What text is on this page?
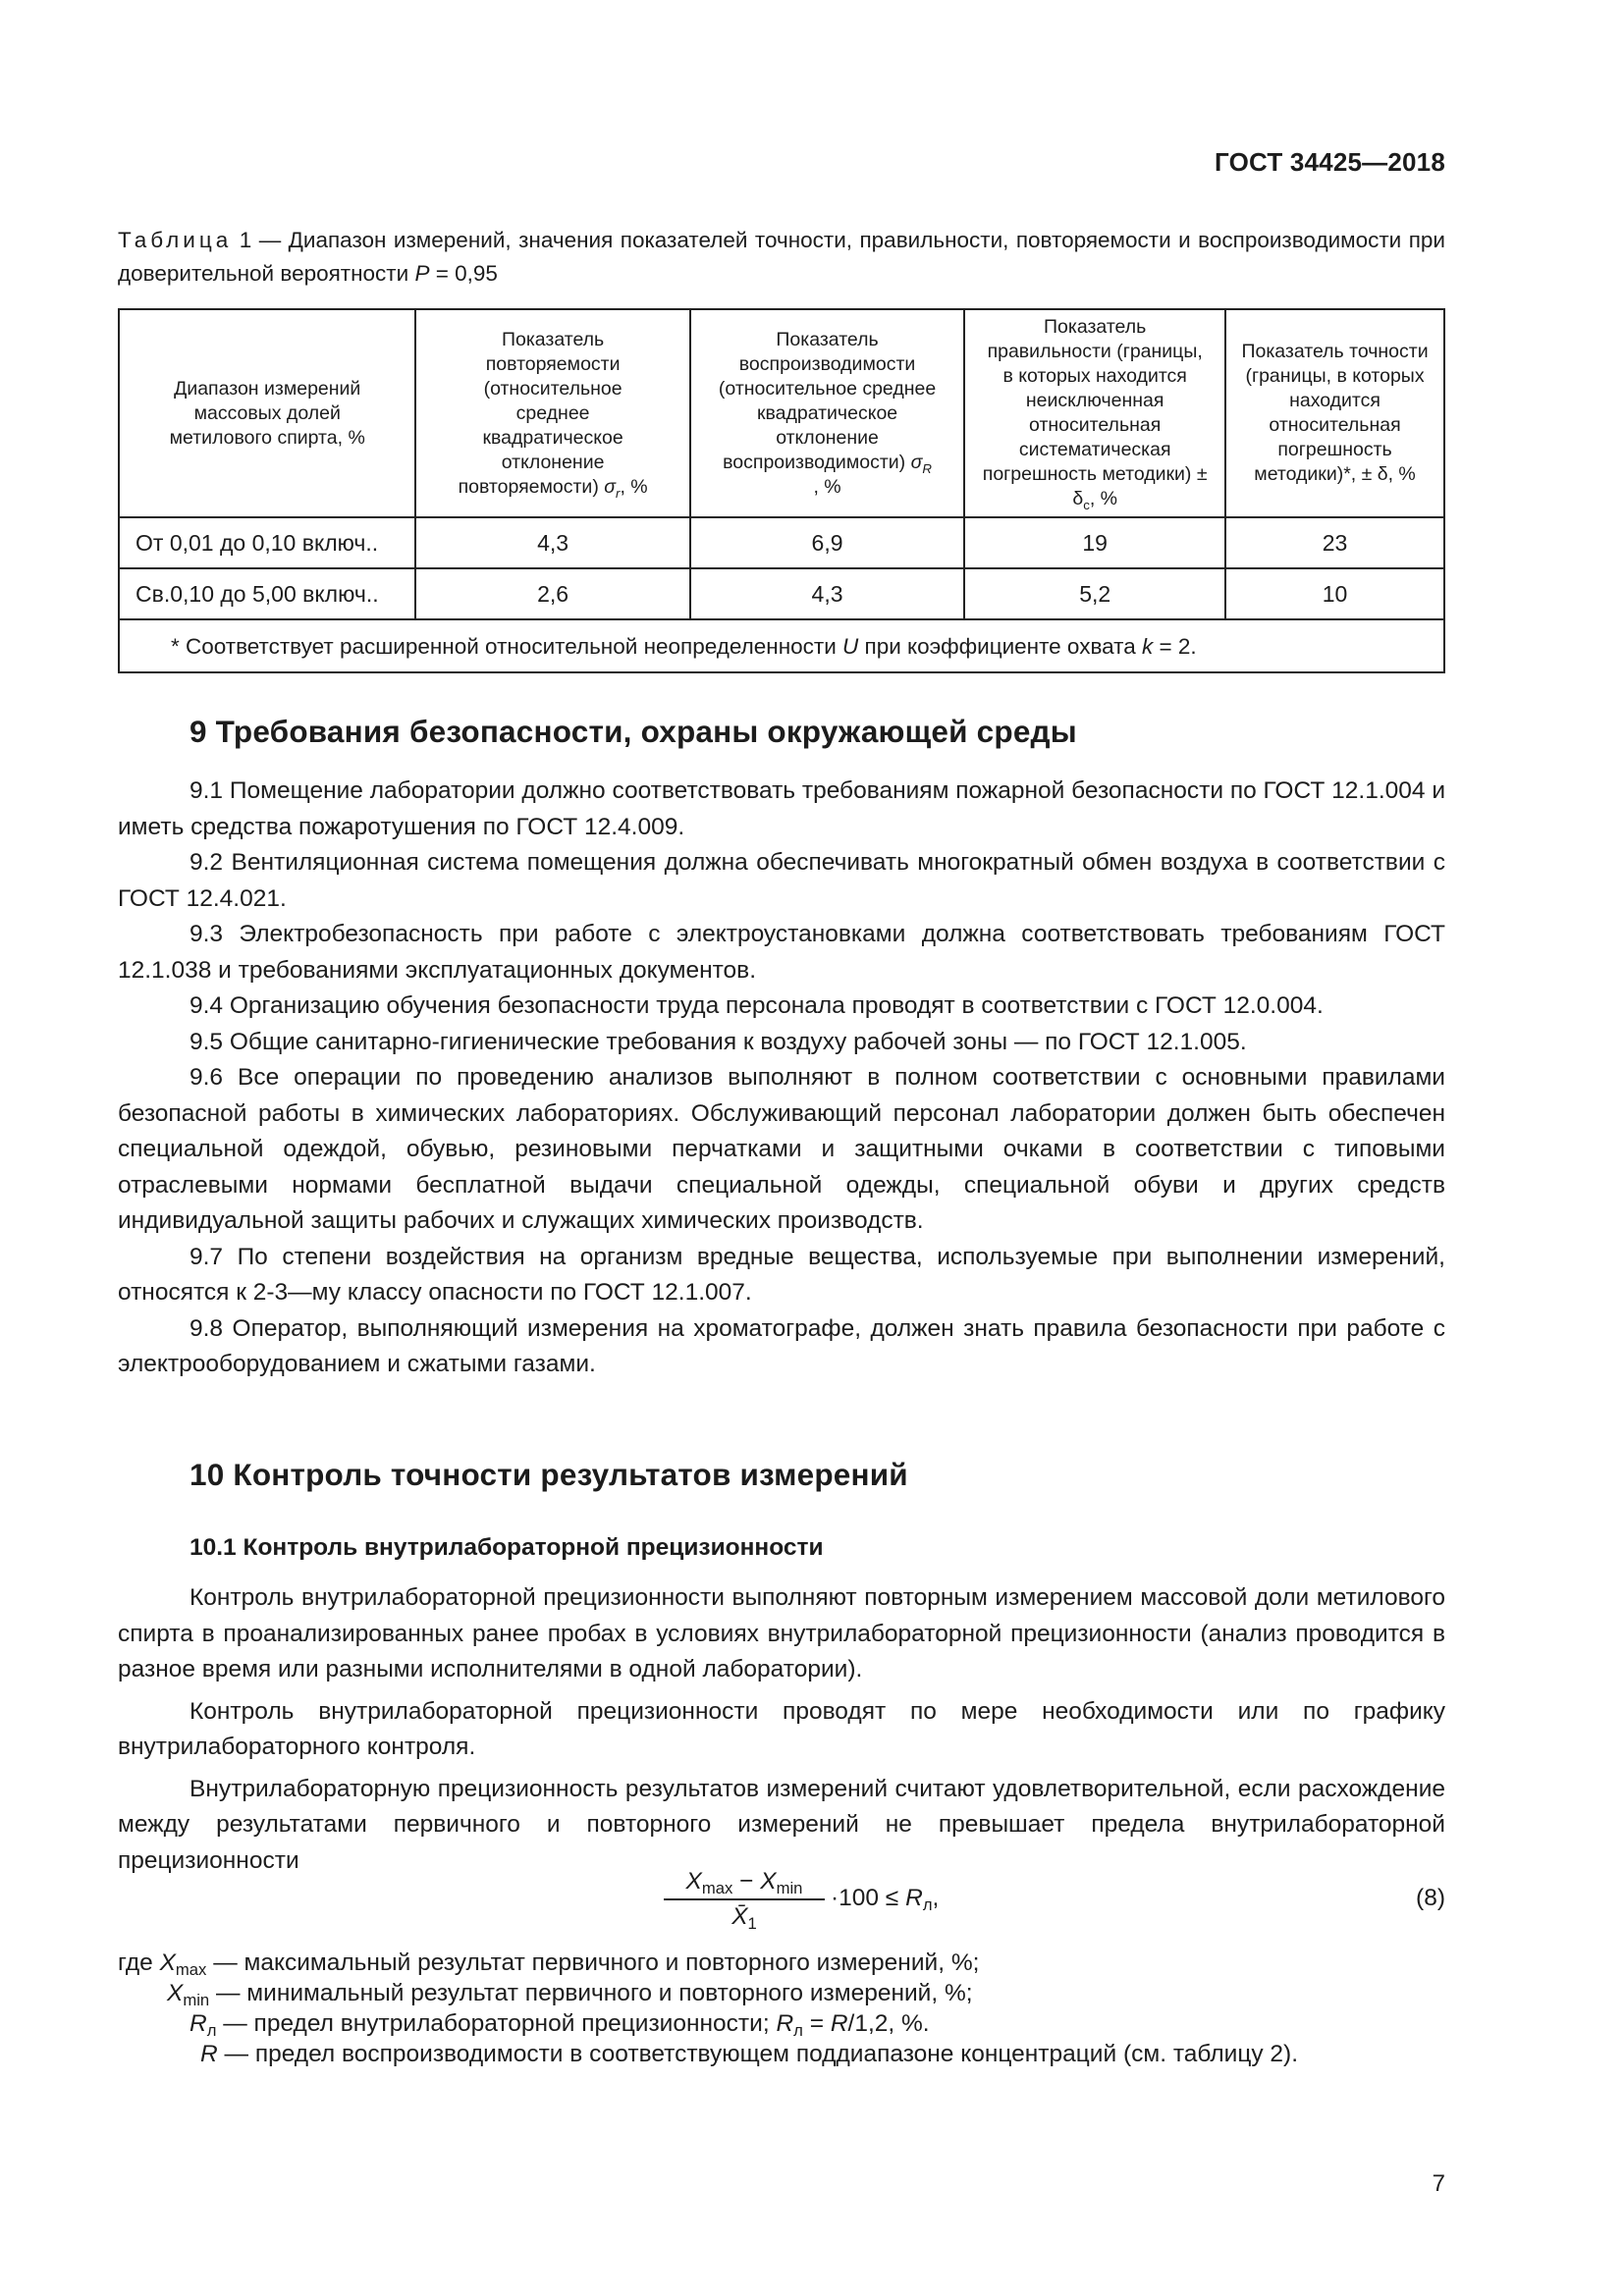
ГОСТ 34425—2018
Таблица 1 — Диапазон измерений, значения показателей точности, правильности, повторяемости и воспроизводимости при доверительной вероятности P = 0,95
Диапазон измерений массовых долей метилового спирта, %	Показатель повторяемости (относительное среднее квадратическое отклонение повторяемости) $\sigma_r$, %	Показатель воспроизводимости (относительное среднее квадратическое отклонение воспроизводимости) $\sigma_R$ , %	Показатель правильности (границы, в которых находится неисключенная относительная систематическая погрешность методики) ± $\delta_c$, %	Показатель точности (границы, в которых находится относительная погрешность методики)*, ± δ, %

От 0,01 до 0,10 включ..	4,3	6,9	19	23
Св.0,10 до 5,00 включ..	2,6	4,3	5,2	10
* Соответствует расширенной относительной неопределенности U при коэффициенте охвата k = 2.				
9 Требования безопасности, охраны окружающей среды

9.1 Помещение лаборатории должно соответствовать требованиям пожарной безопасности по ГОСТ 12.1.004 и иметь средства пожаротушения по ГОСТ 12.4.009.

9.2 Вентиляционная система помещения должна обеспечивать многократный обмен воздуха в соответствии с ГОСТ 12.4.021.

9.3 Электробезопасность при работе с электроустановками должна соответствовать требованиям ГОСТ 12.1.038 и требованиями эксплуатационных документов.

9.4 Организацию обучения безопасности труда персонала проводят в соответствии с ГОСТ 12.0.004.

9.5 Общие санитарно-гигиенические требования к воздуху рабочей зоны — по ГОСТ 12.1.005.

9.6 Все операции по проведению анализов выполняют в полном соответствии с основными правилами безопасной работы в химических лабораториях. Обслуживающий персонал лаборатории должен быть обеспечен специальной одеждой, обувью, резиновыми перчатками и защитными очками в соответствии с типовыми отраслевыми нормами бесплатной выдачи специальной одежды, специальной обуви и других средств индивидуальной защиты рабочих и служащих химических производств.

9.7 По степени воздействия на организм вредные вещества, используемые при выполнении измерений, относятся к 2-3—му классу опасности по ГОСТ 12.1.007.

9.8 Оператор, выполняющий измерения на хроматографе, должен знать правила безопасности при работе с электрооборудованием и сжатыми газами.

10 Контроль точности результатов измерений
10.1 Контроль внутрилабораторной прецизионности

Контроль внутрилабораторной прецизионности выполняют повторным измерением массовой доли метилового спирта в проанализированных ранее пробах в условиях внутрилабораторной прецизионности (анализ проводится в разное время или разными исполнителями в одной лаборатории).

Контроль внутрилабораторной прецизионности проводят по мере необходимости или по графику внутрилабораторного контроля.

Внутрилабораторную прецизионность результатов измерений считают удовлетворительной, если расхождение между результатами первичного и повторного измерений не превышает предела внутрилабораторной прецизионности

$X_{max} - X_{min}$
$X̄_1$
$\cdot 100 \le R_л$,	(8)
где $X_{max}$ — максимальный результат первичного и повторного измерений, %;
$X_{min}$ — минимальный результат первичного и повторного измерений, %;
$R_л$ — предел внутрилабораторной прецизионности; $R_л = R/1,2$, %.
R — предел воспроизводимости в соответствующем поддиапазоне концентраций (см. таблицу 2).
7
